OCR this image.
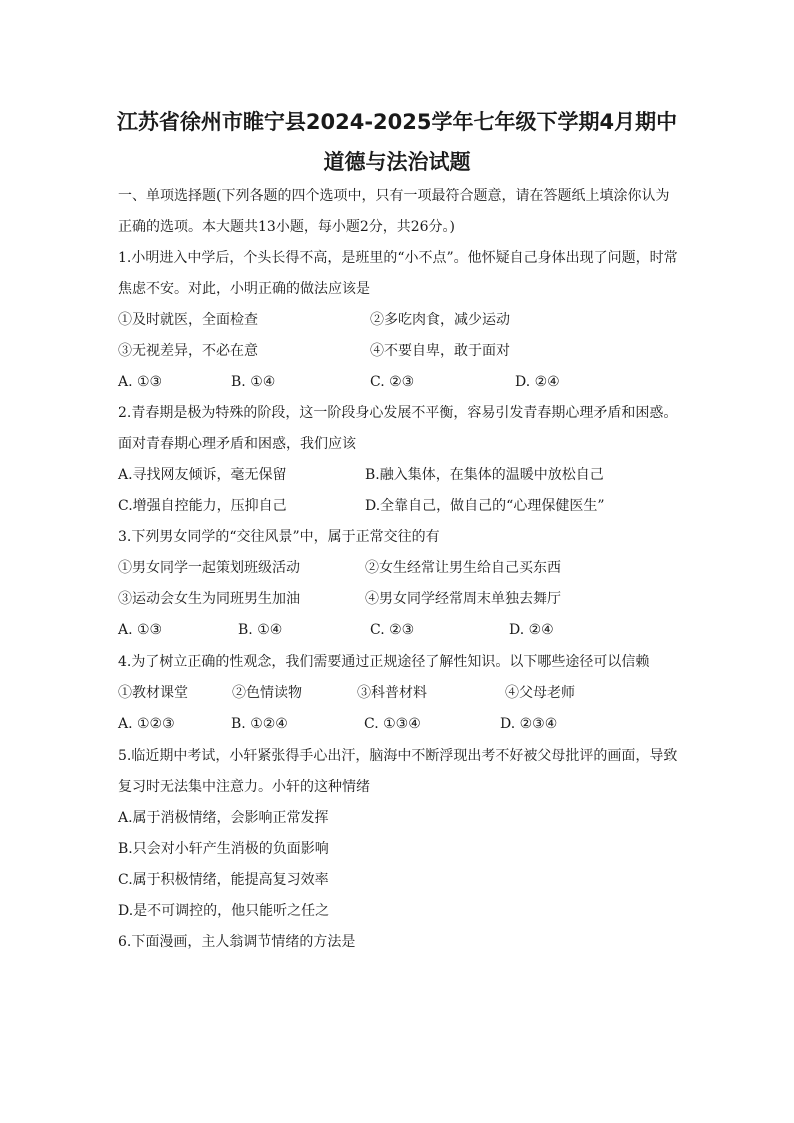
江苏省徐州市睢宁县2024-2025学年七年级下学期4月期中
道德与法治试题
一、单项选择题(下列各题的四个选项中，只有一项最符合题意，请在答题纸上填涂你认为
正确的选项。本大题共13小题，每小题2分，共26分。)
1.小明进入中学后，个头长得不高，是班里的“小不点”。他怀疑自己身体出现了问题，时常
焦虑不安。对此，小明正确的做法应该是
①及时就医，全面检查	②多吃肉食，减少运动
③无视差异，不必在意	④不要自卑，敢于面对
A. ①③	B. ①④	C. ②③	D. ②④
2.青春期是极为特殊的阶段，这一阶段身心发展不平衡，容易引发青春期心理矛盾和困惑。
面对青春期心理矛盾和困惑，我们应该
A.寻找网友倾诉，毫无保留	B.融入集体，在集体的温暖中放松自己
C.增强自控能力，压抑自己	D.全靠自己，做自己的“心理保健医生”
3.下列男女同学的“交往风景”中，属于正常交往的有
①男女同学一起策划班级活动	②女生经常让男生给自己买东西
③运动会女生为同班男生加油	④男女同学经常周末单独去舞厅
A. ①③	B. ①④	C. ②③	D. ②④
4.为了树立正确的性观念，我们需要通过正规途径了解性知识。以下哪些途径可以信赖
①教材课堂	②色情读物	③科普材料	④父母老师
A. ①②③	B. ①②④	C. ①③④	D. ②③④
5.临近期中考试，小轩紧张得手心出汗，脑海中不断浮现出考不好被父母批评的画面，导致
复习时无法集中注意力。小轩的这种情绪
A.属于消极情绪，会影响正常发挥
B.只会对小轩产生消极的负面影响
C.属于积极情绪，能提高复习效率
D.是不可调控的，他只能听之任之
6.下面漫画，主人翁调节情绪的方法是
